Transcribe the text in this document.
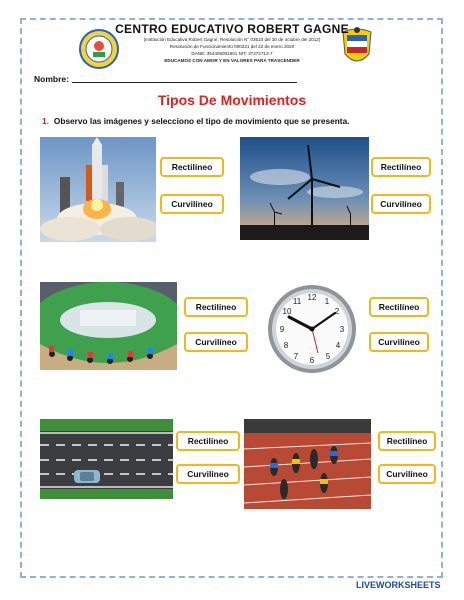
CENTRO EDUCATIVO ROBERT GAGNE
(Institución Educativa Robert Gagné, Resolución N° 03510 del 30 de octubre del 2012)
Resolución de Funcionamiento 000221 del 22 de enero 2020
DANE: 354405001801 NIT: 37272712-7
EDUCAMOS CON AMOR Y EN VALORES PARA TRASCENDER
Nombre:
Tipos De Movimientos
1. Observo las imágenes y selecciono el tipo de movimiento que se presenta.
Rectilíneo
Curvilíneo
Rectilíneo
Curvilíneo
Rectilíneo
Curvilíneo
12 1
2
3
4
5
6
7
8
9
10
11
Rectilíneo
Curvilíneo
Rectilíneo
Curvilíneo
Rectilíneo
Curvilíneo
LIVEWORKSHEETS
